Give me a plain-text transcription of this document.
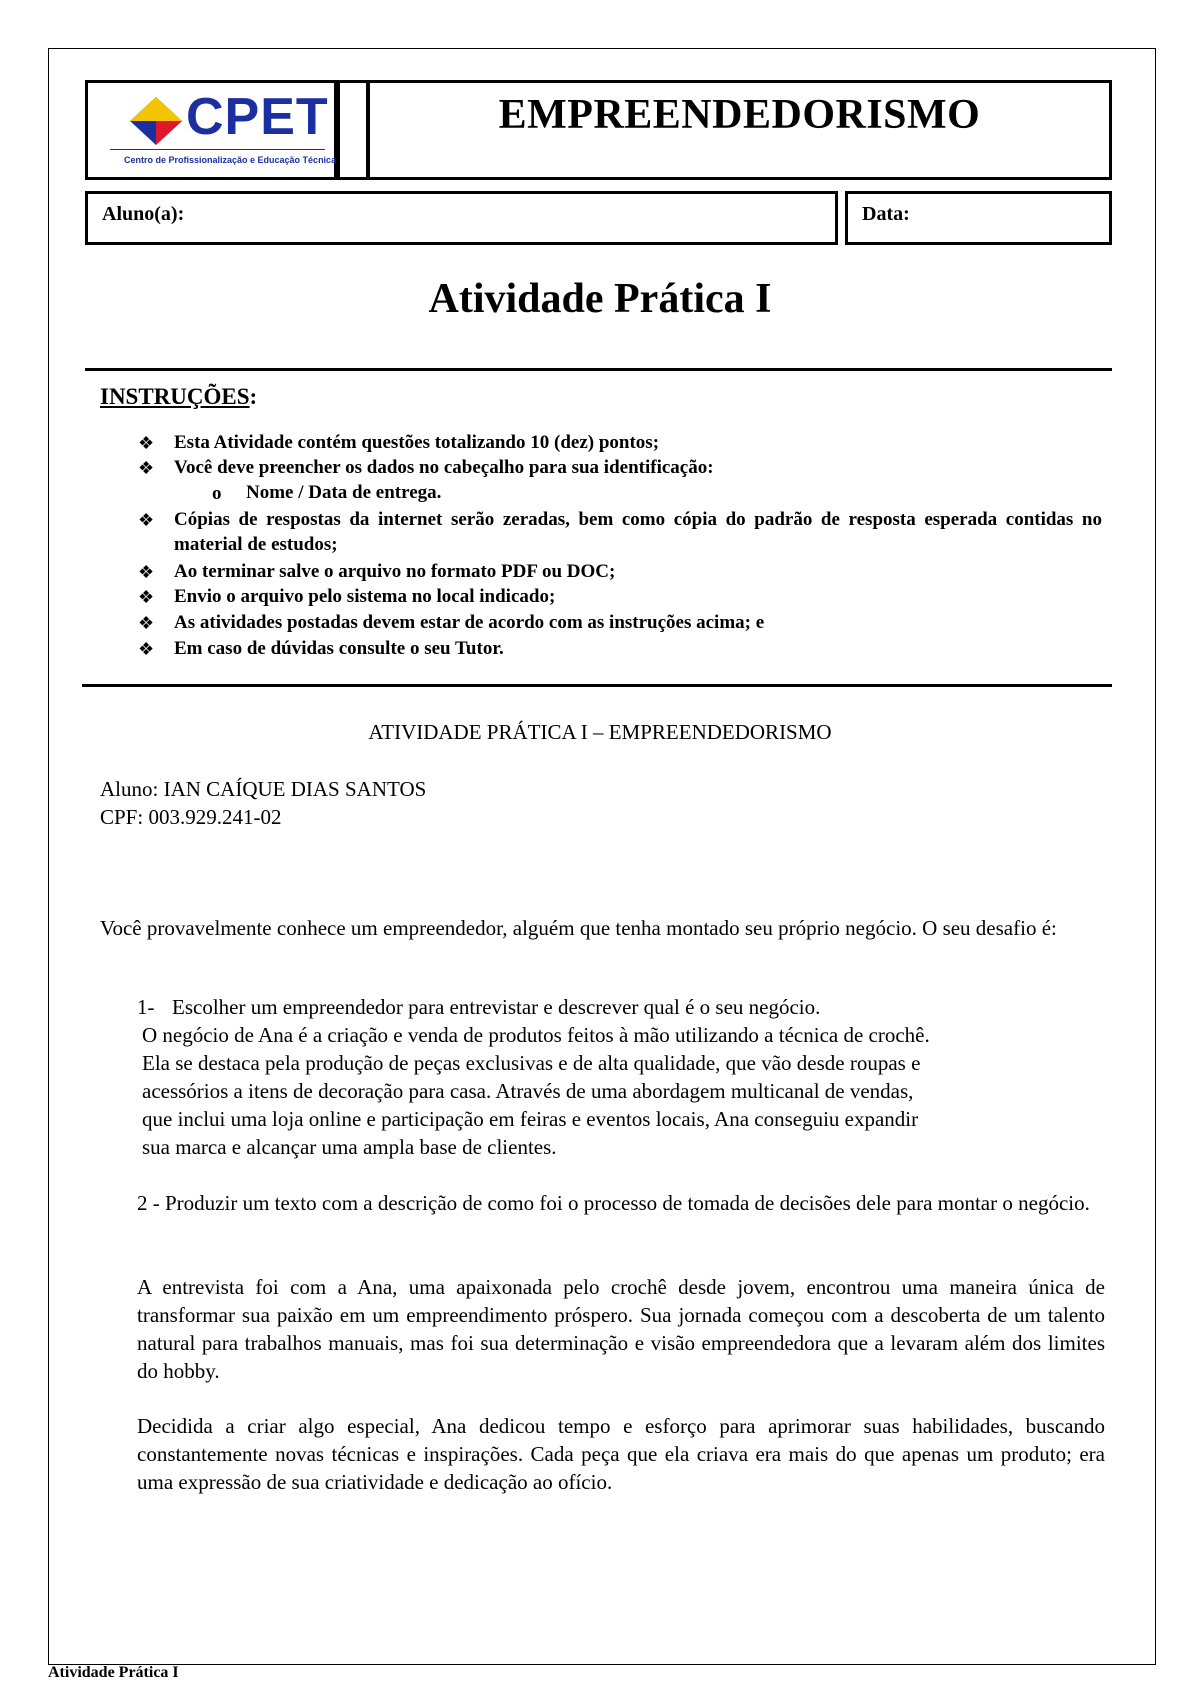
CPET
Centro de Profissionalização e Educação Técnica
EMPREENDEDORISMO
Aluno(a):	Data:
Atividade Prática I
INSTRUÇÕES:
❖ Esta Atividade contém questões totalizando 10 (dez) pontos;
❖ Você deve preencher os dados no cabeçalho para sua identificação:
o Nome / Data de entrega.
❖ Cópias de respostas da internet serão zeradas, bem como cópia do padrão de resposta esperada contidas no material de estudos;
❖ Ao terminar salve o arquivo no formato PDF ou DOC;
❖ Envio o arquivo pelo sistema no local indicado;
❖ As atividades postadas devem estar de acordo com as instruções acima; e
❖ Em caso de dúvidas consulte o seu Tutor.
ATIVIDADE PRÁTICA I – EMPREENDEDORISMO
Aluno: IAN CAÍQUE DIAS SANTOS
CPF: 003.929.241-02
Você provavelmente conhece um empreendedor, alguém que tenha montado seu próprio negócio. O seu desafio é:
1- Escolher um empreendedor para entrevistar e descrever qual é o seu negócio.
O negócio de Ana é a criação e venda de produtos feitos à mão utilizando a técnica de crochê.
Ela se destaca pela produção de peças exclusivas e de alta qualidade, que vão desde roupas e
acessórios a itens de decoração para casa. Através de uma abordagem multicanal de vendas,
que inclui uma loja online e participação em feiras e eventos locais, Ana conseguiu expandir
sua marca e alcançar uma ampla base de clientes.
2 - Produzir um texto com a descrição de como foi o processo de tomada de decisões dele para montar o negócio.
A entrevista foi com a Ana, uma apaixonada pelo crochê desde jovem, encontrou uma maneira única de transformar sua paixão em um empreendimento próspero. Sua jornada começou com a descoberta de um talento natural para trabalhos manuais, mas foi sua determinação e visão empreendedora que a levaram além dos limites do hobby.
Decidida a criar algo especial, Ana dedicou tempo e esforço para aprimorar suas habilidades, buscando constantemente novas técnicas e inspirações. Cada peça que ela criava era mais do que apenas um produto; era uma expressão de sua criatividade e dedicação ao ofício.
Atividade Prática I
